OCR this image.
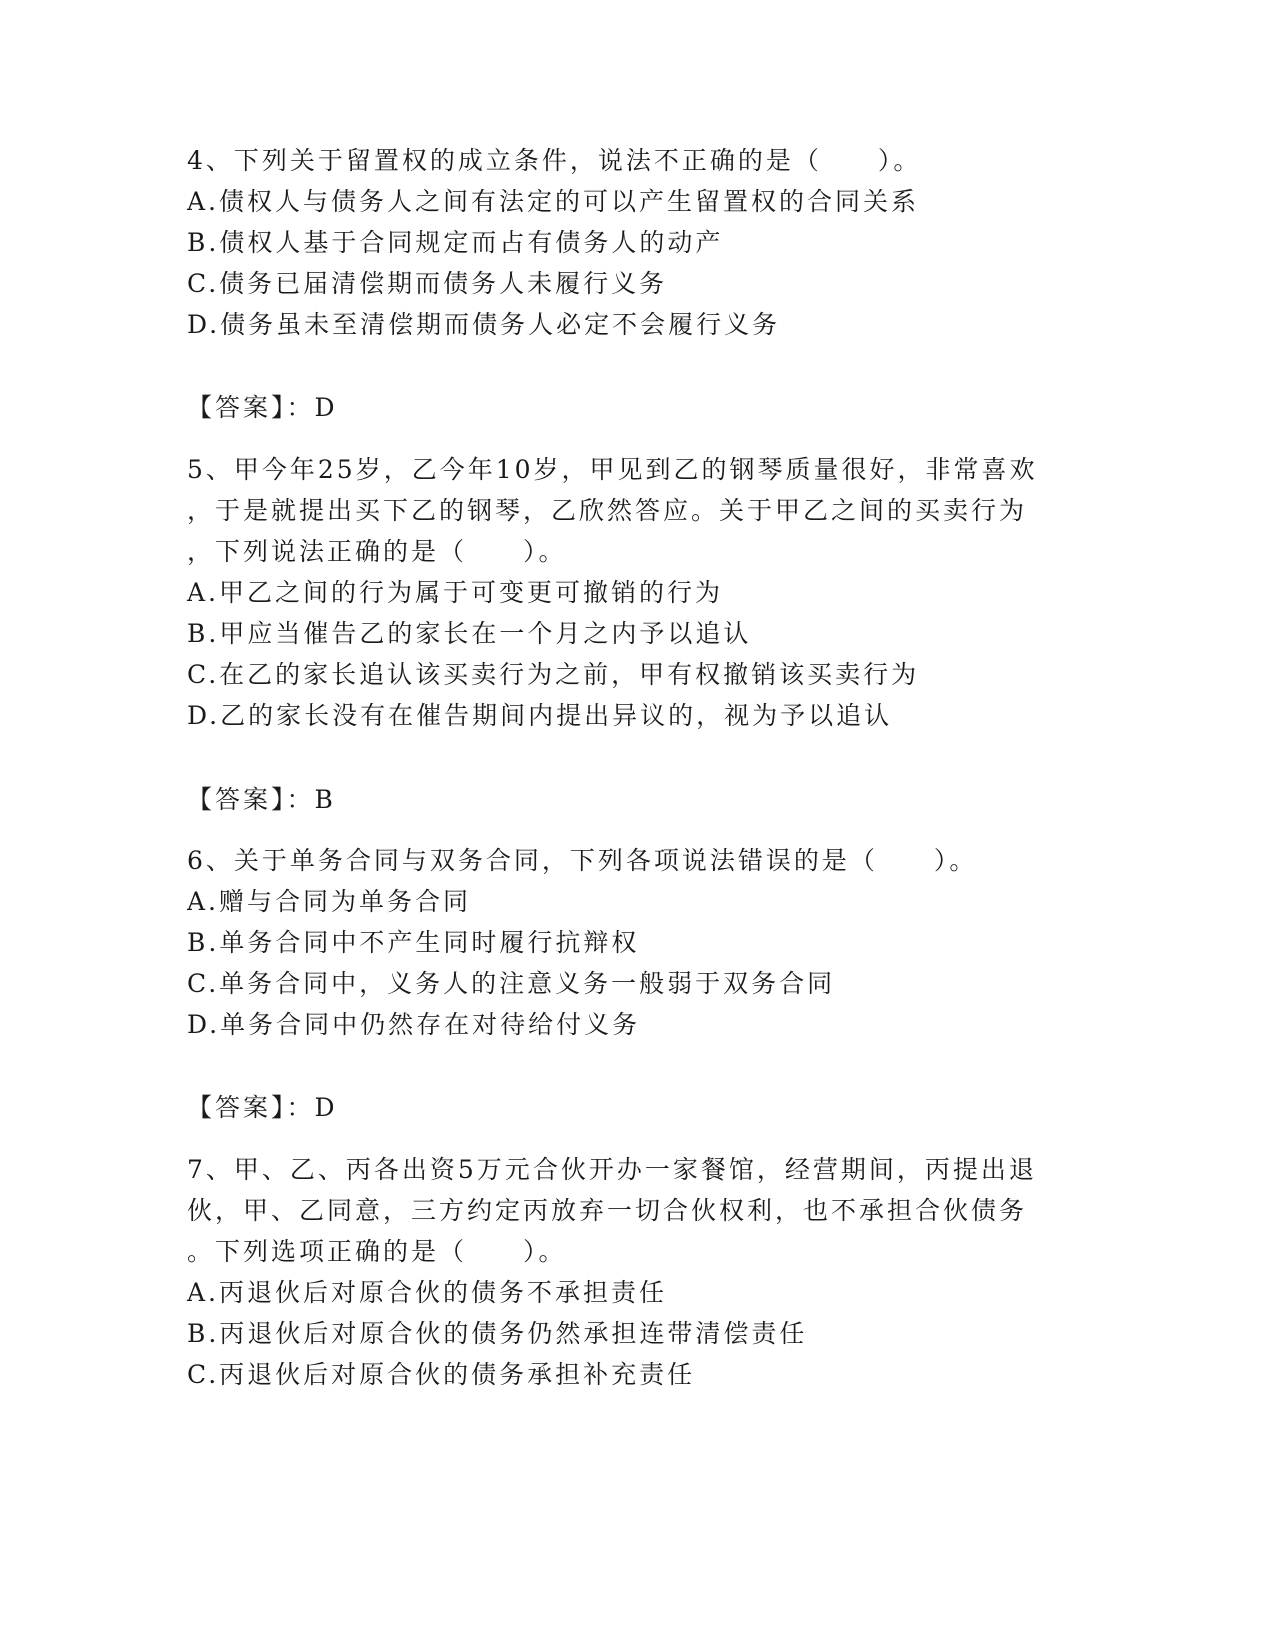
4、下列关于留置权的成立条件，说法不正确的是（　　）。
A.债权人与债务人之间有法定的可以产生留置权的合同关系
B.债权人基于合同规定而占有债务人的动产
C.债务已届清偿期而债务人未履行义务
D.债务虽未至清偿期而债务人必定不会履行义务
【答案】：D
5、甲今年25岁，乙今年10岁，甲见到乙的钢琴质量很好，非常喜欢
，于是就提出买下乙的钢琴，乙欣然答应。关于甲乙之间的买卖行为
，下列说法正确的是（　　）。
A.甲乙之间的行为属于可变更可撤销的行为
B.甲应当催告乙的家长在一个月之内予以追认
C.在乙的家长追认该买卖行为之前，甲有权撤销该买卖行为
D.乙的家长没有在催告期间内提出异议的，视为予以追认
【答案】：B
6、关于单务合同与双务合同，下列各项说法错误的是（　　）。
A.赠与合同为单务合同
B.单务合同中不产生同时履行抗辩权
C.单务合同中，义务人的注意义务一般弱于双务合同
D.单务合同中仍然存在对待给付义务
【答案】：D
7、甲、乙、丙各出资5万元合伙开办一家餐馆，经营期间，丙提出退
伙，甲、乙同意，三方约定丙放弃一切合伙权利，也不承担合伙债务
。下列选项正确的是（　　）。
A.丙退伙后对原合伙的债务不承担责任
B.丙退伙后对原合伙的债务仍然承担连带清偿责任
C.丙退伙后对原合伙的债务承担补充责任
